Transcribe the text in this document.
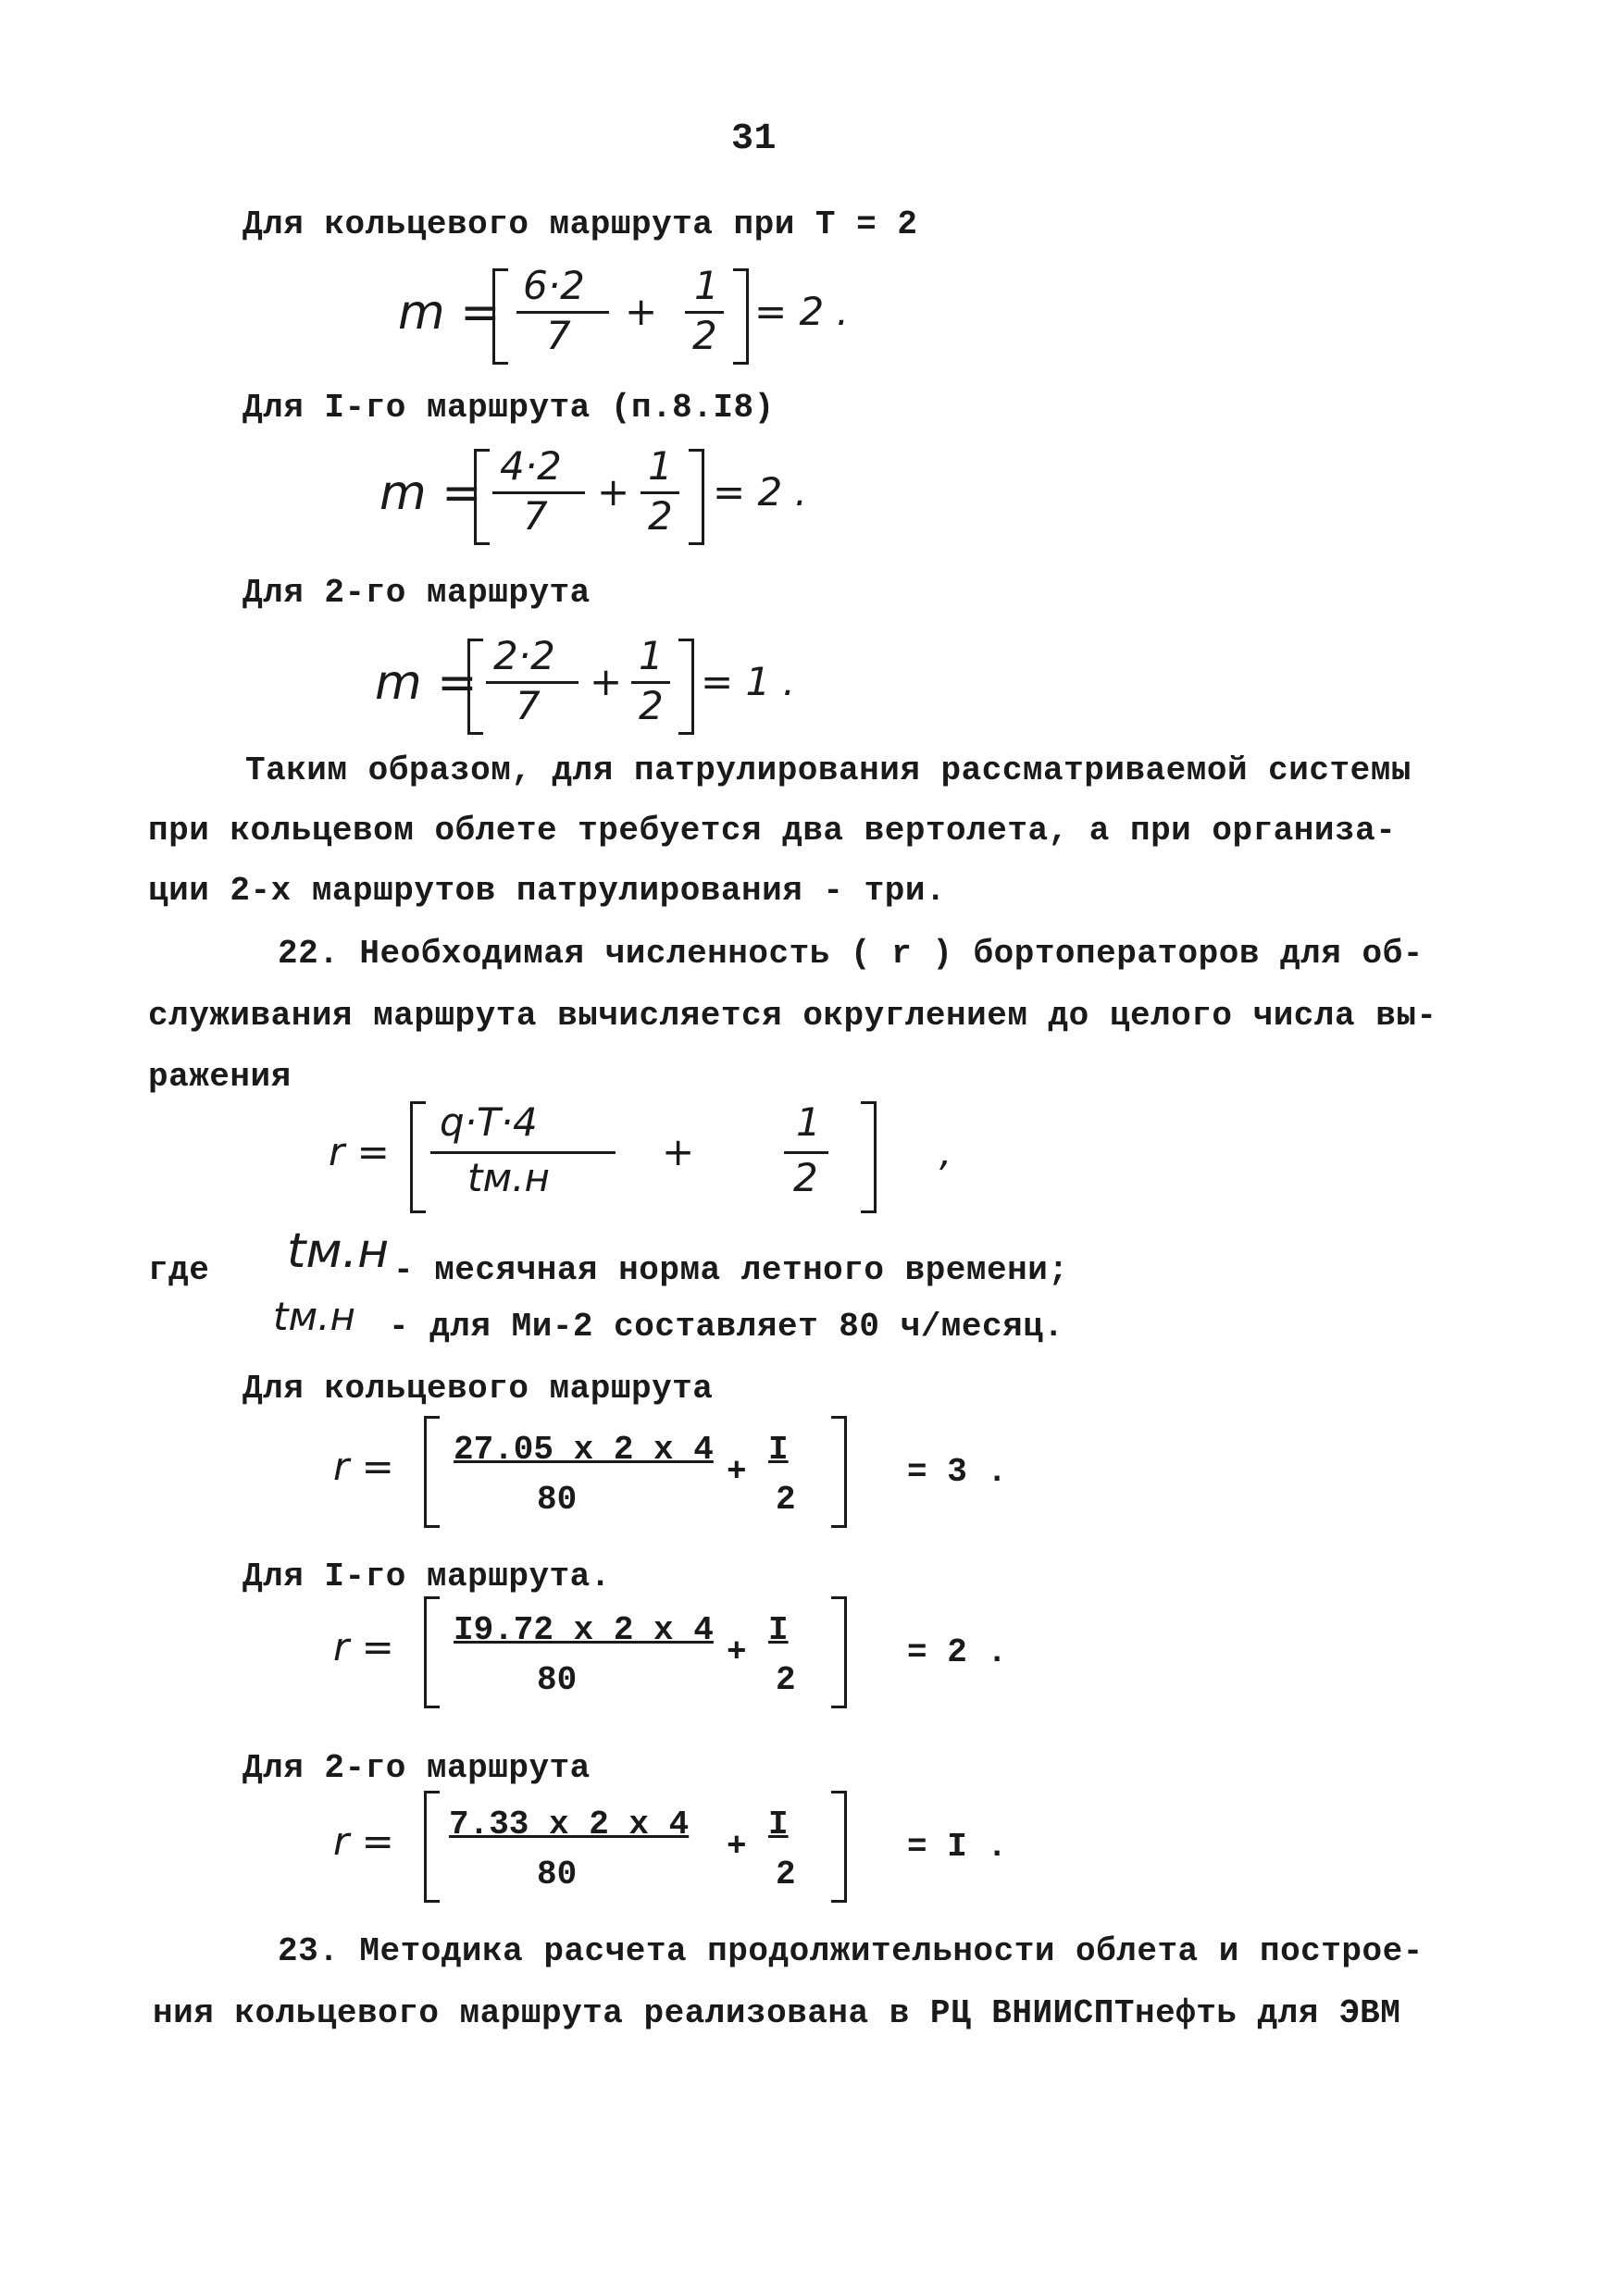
31
Для кольцевого маршрута при T = 2
m = 6·2
7
+
1
2
= 2 .
Для I-го маршрута (п.8.I8)
m = 4·2
7
+
1
2
= 2 .
Для 2-го маршрута
m = 2·2
7
+
1
2
= 1 .
Таким образом, для патрулирования рассматриваемой системы
при кольцевом облете требуется два вертолета, а при организа-
ции 2-х маршрутов патрулирования - три.
22. Необходимая численность ( r ) бортоператоров для об-
служивания маршрута вычисляется округлением до целого числа вы-
ражения
r =
q·T·4
tм.н
+
1
2
,
где tм.н - месячная норма летного времени;
tм.н - для Ми-2 составляет 80 ч/месяц.
Для кольцевого маршрута
r = 27.05 x 2 x 4
80
+
I
2
= 3 .
Для I-го маршрута.
r = I9.72 x 2 x 4
80
+
I
2
= 2 .
Для 2-го маршрута
r = 7.33 x 2 x 4
80
+
I
2
= I .
23. Методика расчета продолжительности облета и построе-
ния кольцевого маршрута реализована в РЦ ВНИИСПТнефть для ЭВМ
